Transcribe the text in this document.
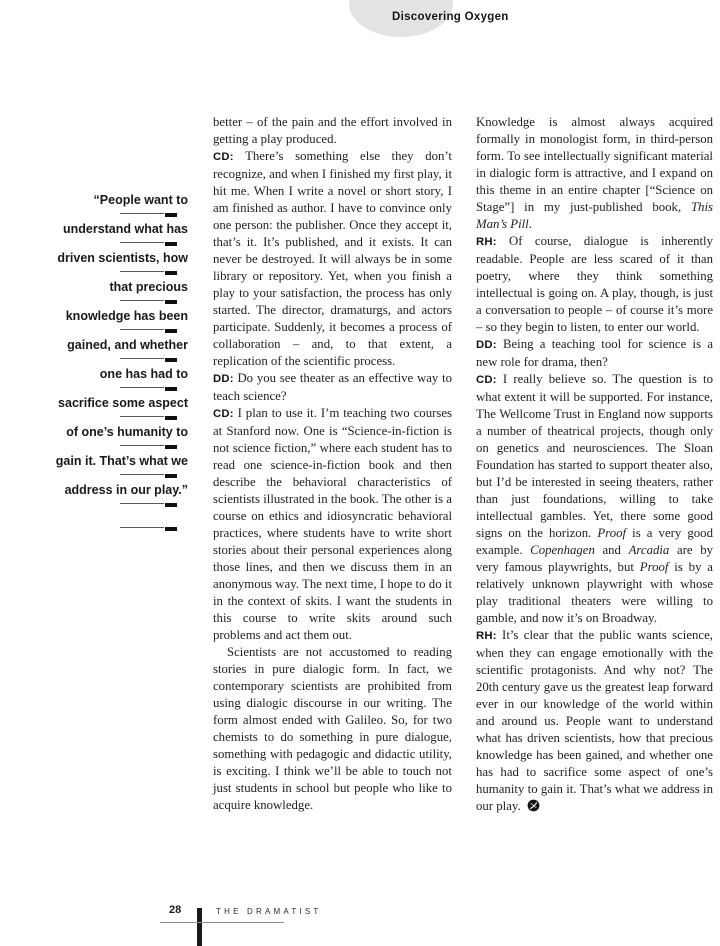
Discovering Oxygen
“People want to
understand what has
driven scientists, how
that precious
knowledge has been
gained, and whether
one has had to
sacrifice some aspect
of one’s humanity to
gain it. That’s what we
address in our play.”

better – of the pain and the effort involved in getting a play produced.

CD: There’s something else they don’t recognize, and when I finished my first play, it hit me. When I write a novel or short story, I am finished as author. I have to convince only one person: the publisher. Once they accept it, that’s it. It’s published, and it exists. It can never be destroyed. It will always be in some library or repository. Yet, when you finish a play to your satisfaction, the process has only started. The director, dramaturgs, and actors participate. Suddenly, it becomes a process of collaboration – and, to that extent, a replication of the scientific process.

DD: Do you see theater as an effective way to teach science?

CD: I plan to use it. I’m teaching two courses at Stanford now. One is “Science-in-fiction is not science fiction,” where each student has to read one science-in-fiction book and then describe the behavioral characteristics of scientists illustrated in the book. The other is a course on ethics and idiosyncratic behavioral practices, where students have to write short stories about their personal experiences along those lines, and then we discuss them in an anonymous way. The next time, I hope to do it in the context of skits. I want the students in this course to write skits around such problems and act them out.

Scientists are not accustomed to reading stories in pure dialogic form. In fact, we contemporary scientists are prohibited from using dialogic discourse in our writing. The form almost ended with Galileo. So, for two chemists to do something in pure dialogue, something with pedagogic and didactic utility, is exciting. I think we’ll be able to touch not just students in school but people who like to acquire knowledge.

Knowledge is almost always acquired formally in monologist form, in third-person form. To see intellectually significant material in dialogic form is attractive, and I expand on this theme in an entire chapter [“Science on Stage”] in my just-published book, This Man’s Pill.

RH: Of course, dialogue is inherently readable. People are less scared of it than poetry, where they think something intellectual is going on. A play, though, is just a conversation to people – of course it’s more – so they begin to listen, to enter our world.

DD: Being a teaching tool for science is a new role for drama, then?

CD: I really believe so. The question is to what extent it will be supported. For instance, The Wellcome Trust in England now supports a number of theatrical projects, though only on genetics and neurosciences. The Sloan Foundation has started to support theater also, but I’d be interested in seeing theaters, rather than just foundations, willing to take intellectual gambles. Yet, there some good signs on the horizon. Proof is a very good example. Copenhagen and Arcadia are by very famous playwrights, but Proof is by a relatively unknown playwright with whose play traditional theaters were willing to gamble, and now it’s on Broadway.

RH: It’s clear that the public wants science, when they can engage emotionally with the scientific protagonists. And why not? The 20th century gave us the greatest leap forward ever in our knowledge of the world within and around us. People want to understand what has driven scientists, how that precious knowledge has been gained, and whether one has had to sacrifice some aspect of one’s humanity to gain it. That’s what we address in our play.

28	THE DRAMATIST
